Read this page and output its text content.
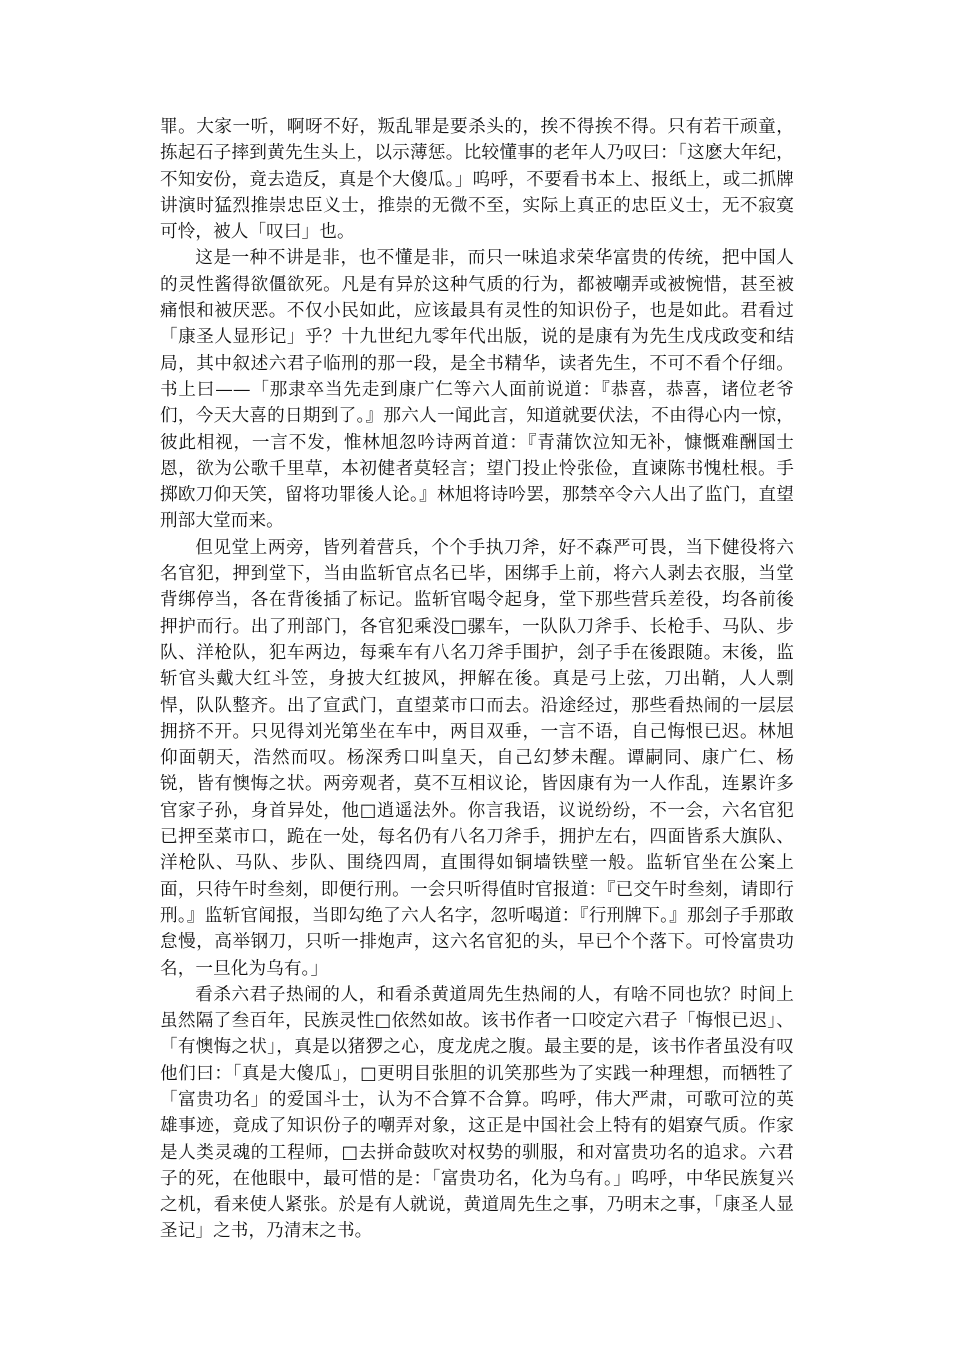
罪。大家一听，啊呀不好，叛乱罪是要杀头的，挨不得挨不得。只有若干顽童，拣起石子摔到黄先生头上，以示薄惩。比较懂事的老年人乃叹曰：「这麽大年纪，不知安份，竟去造反，真是个大傻瓜。」呜呼，不要看书本上、报纸上，或二抓牌讲演时猛烈推崇忠臣义士，推崇的无微不至，实际上真正的忠臣义士，无不寂寞可怜，被人「叹曰」也。

这是一种不讲是非，也不懂是非，而只一味追求荣华富贵的传统，把中国人的灵性酱得欲僵欲死。凡是有异於这种气质的行为，都被嘲弄或被惋惜，甚至被痛恨和被厌恶。不仅小民如此，应该最具有灵性的知识份子，也是如此。君看过「康圣人显形记」乎？十九世纪九零年代出版，说的是康有为先生戊戌政变和结局，其中叙述六君子临刑的那一段，是全书精华，读者先生，不可不看个仔细。书上曰——「那隶卒当先走到康广仁等六人面前说道：『恭喜，恭喜，诸位老爷们，今天大喜的日期到了。』那六人一闻此言，知道就要伏法，不由得心内一惊，彼此相视，一言不发，惟林旭忽吟诗两首道：『青蒲饮泣知无补，慷慨难酬国士恩，欲为公歌千里草，本初健者莫轻言；望门投止怜张俭，直谏陈书愧杜根。手掷欧刀仰天笑，留将功罪後人论。』林旭将诗吟罢，那禁卒令六人出了监门，直望刑部大堂而来。

但见堂上两旁，皆列着营兵，个个手执刀斧，好不森严可畏，当下健役将六名官犯，押到堂下，当由监斩官点名已毕，困绑手上前，将六人剥去衣服，当堂背绑停当，各在背後插了标记。监斩官喝令起身，堂下那些营兵差役，均各前後押护而行。出了刑部门，各官犯乘没□骡车，一队队刀斧手、长枪手、马队、步队、洋枪队，犯车两边，每乘车有八名刀斧手围护，刽子手在後跟随。末後，监斩官头戴大红斗笠，身披大红披风，押解在後。真是弓上弦，刀出鞘，人人剽悍，队队整齐。出了宣武门，直望菜市口而去。沿途经过，那些看热闹的一层层拥挤不开。只见得刘光第坐在车中，两目双垂，一言不语，自己悔恨已迟。林旭仰面朝天，浩然而叹。杨深秀口叫皇天，自己幻梦未醒。谭嗣同、康广仁、杨锐，皆有懊悔之状。两旁观者，莫不互相议论，皆因康有为一人作乱，连累许多官家子孙，身首异处，他□逍遥法外。你言我语，议说纷纷，不一会，六名官犯已押至菜市口，跪在一处，每名仍有八名刀斧手，拥护左右，四面皆系大旗队、洋枪队、马队、步队、围绕四周，直围得如铜墙铁壁一般。监斩官坐在公案上面，只待午时叁刻，即便行刑。一会只听得值时官报道：『已交午时叁刻，请即行刑。』监斩官闻报，当即勾绝了六人名字，忽听喝道：『行刑牌下。』那刽子手那敢怠慢，高举钢刀，只听一排炮声，这六名官犯的头，早已个个落下。可怜富贵功名，一旦化为乌有。」

看杀六君子热闹的人，和看杀黄道周先生热闹的人，有啥不同也欤？时间上虽然隔了叁百年，民族灵性□依然如故。该书作者一口咬定六君子「悔恨已迟」、「有懊悔之状」，真是以猪猡之心，度龙虎之腹。最主要的是，该书作者虽没有叹他们曰：「真是大傻瓜」，□更明目张胆的讥笑那些为了实践一种理想，而牺牲了「富贵功名」的爱国斗士，认为不合算不合算。呜呼，伟大严肃，可歌可泣的英雄事迹，竟成了知识份子的嘲弄对象，这正是中国社会上特有的娼寮气质。作家是人类灵魂的工程师，□去拼命鼓吹对权势的驯服，和对富贵功名的追求。六君子的死，在他眼中，最可惜的是：「富贵功名，化为乌有。」呜呼，中华民族复兴之机，看来使人紧张。於是有人就说，黄道周先生之事，乃明末之事，「康圣人显圣记」之书，乃清末之书。
